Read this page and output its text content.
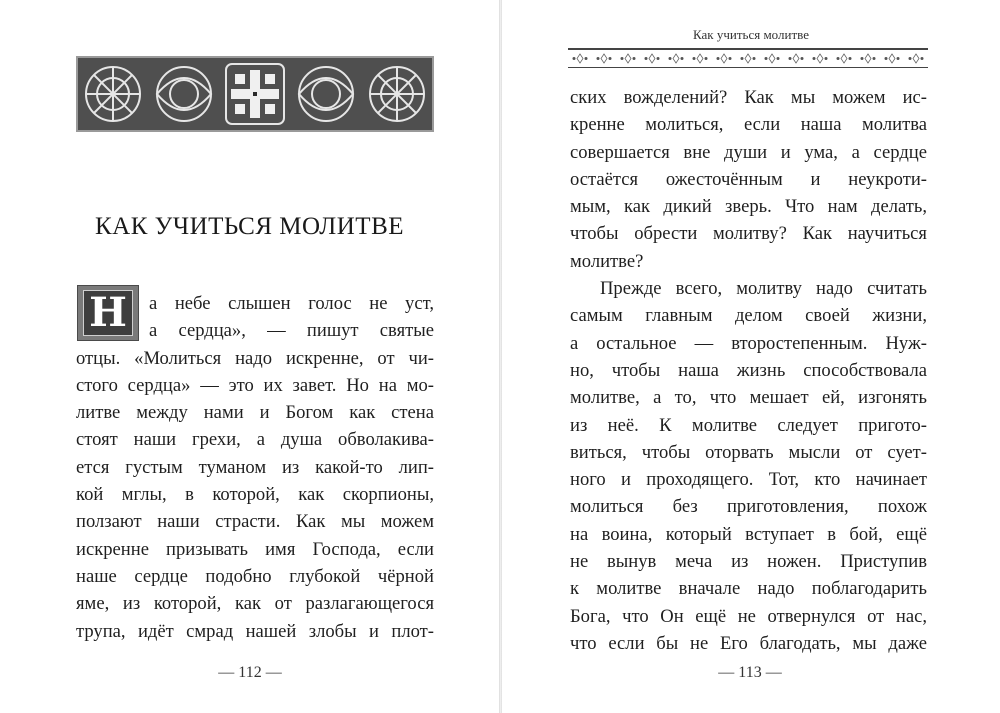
КАК УЧИТЬСЯ МОЛИТВЕ
Н	а небе слышен голос не уст,
а сердца», — пишут святые
отцы. «Молиться надо искренне, от чи-
стого сердца» — это их завет. Но на мо-
литве между нами и Богом как стена
стоят наши грехи, а душа обволакива-
ется густым туманом из какой-то лип-
кой мглы, в которой, как скорпионы,
ползают наши страсти. Как мы можем
искренне призывать имя Господа, если
наше сердце подобно глубокой чёрной
яме, из которой, как от разлагающегося
трупа, идёт смрад нашей злобы и плот-
— 112 —
Как учиться молитве
ских вожделений? Как мы можем ис-
кренне молиться, если наша молитва
совершается вне души и ума, а сердце
остаётся ожесточённым и неукроти-
мым, как дикий зверь. Что нам делать,
чтобы обрести молитву? Как научиться
молитве?
Прежде всего, молитву надо считать
самым главным делом своей жизни,
а остальное — второстепенным. Нуж-
но, чтобы наша жизнь способствовала
молитве, а то, что мешает ей, изгонять
из неё. К молитве следует пригото-
виться, чтобы оторвать мысли от сует-
ного и проходящего. Тот, кто начинает
молиться без приготовления, похож
на воина, который вступает в бой, ещё
не вынув меча из ножен. Приступив
к молитве вначале надо поблагодарить
Бога, что Он ещё не отвернулся от нас,
что если бы не Его благодать, мы даже
— 113 —
